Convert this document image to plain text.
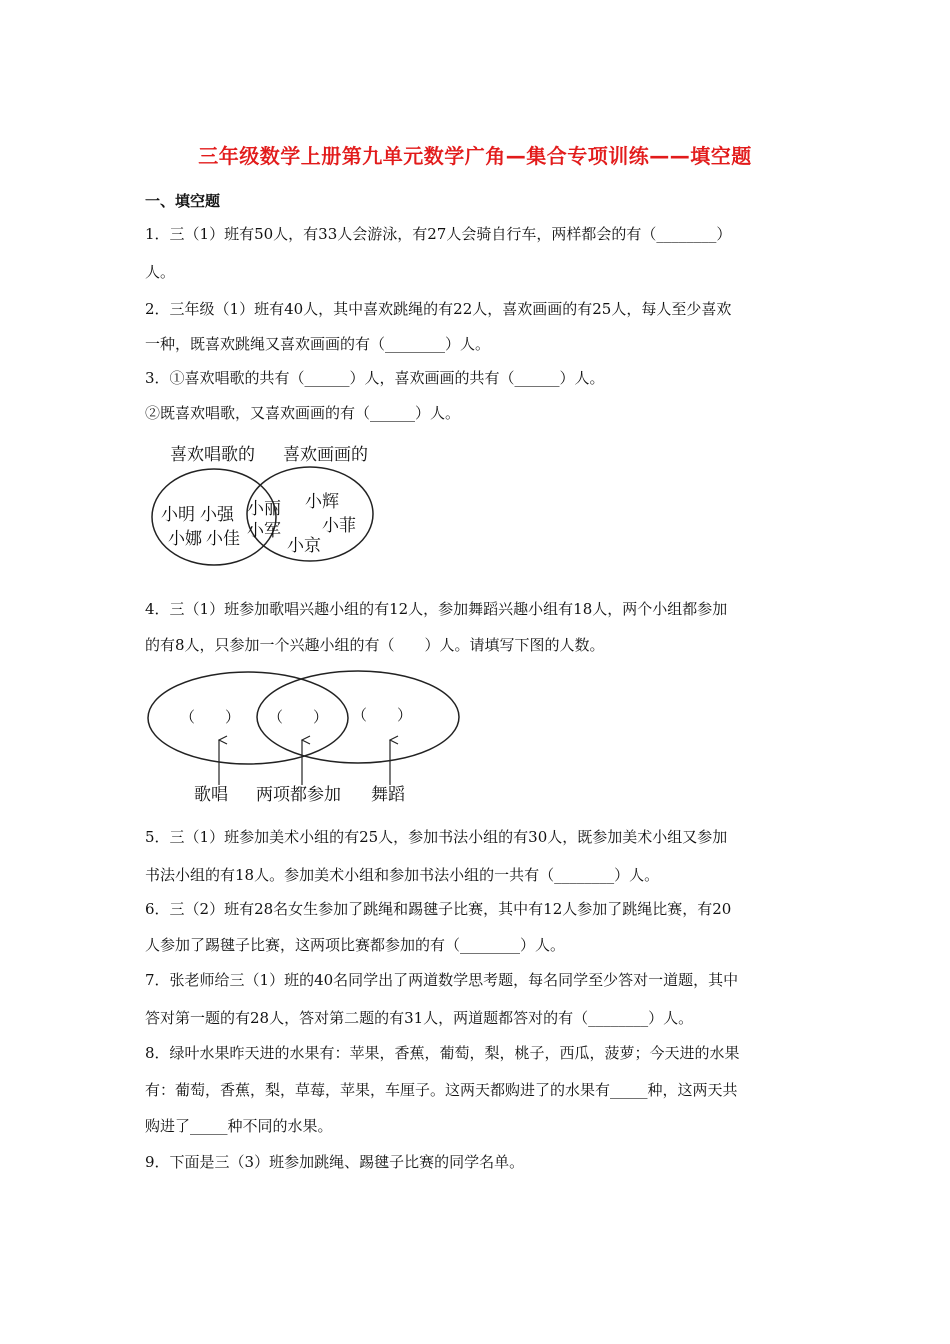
三年级数学上册第九单元数学广角—集合专项训练——填空题
一、填空题
1．三（1）班有50人，有33人会游泳，有27人会骑自行车，两样都会的有（________）
人。
2．三年级（1）班有40人，其中喜欢跳绳的有22人，喜欢画画的有25人，每人至少喜欢
一种，既喜欢跳绳又喜欢画画的有（________）人。
3．①喜欢唱歌的共有（______）人，喜欢画画的共有（______）人。
②既喜欢唱歌，又喜欢画画的有（______）人。
喜欢唱歌的 喜欢画画的
小明 小强
小娜 小佳
小丽
小军
小辉
小菲
小京
4．三（1）班参加歌唱兴趣小组的有12人，参加舞蹈兴趣小组有18人，两个小组都参加
的有8人，只参加一个兴趣小组的有（　　）人。请填写下图的人数。
（　　） （　　） （　　）
歌唱 两项都参加 舞蹈
5．三（1）班参加美术小组的有25人，参加书法小组的有30人，既参加美术小组又参加
书法小组的有18人。参加美术小组和参加书法小组的一共有（________）人。
6．三（2）班有28名女生参加了跳绳和踢毽子比赛，其中有12人参加了跳绳比赛，有20
人参加了踢毽子比赛，这两项比赛都参加的有（________）人。
7．张老师给三（1）班的40名同学出了两道数学思考题，每名同学至少答对一道题，其中
答对第一题的有28人，答对第二题的有31人，两道题都答对的有（________）人。
8．绿叶水果昨天进的水果有：苹果，香蕉，葡萄，梨，桃子，西瓜，菠萝；今天进的水果
有：葡萄，香蕉，梨，草莓，苹果，车厘子。这两天都购进了的水果有_____种，这两天共
购进了_____种不同的水果。
9．下面是三（3）班参加跳绳、踢毽子比赛的同学名单。
